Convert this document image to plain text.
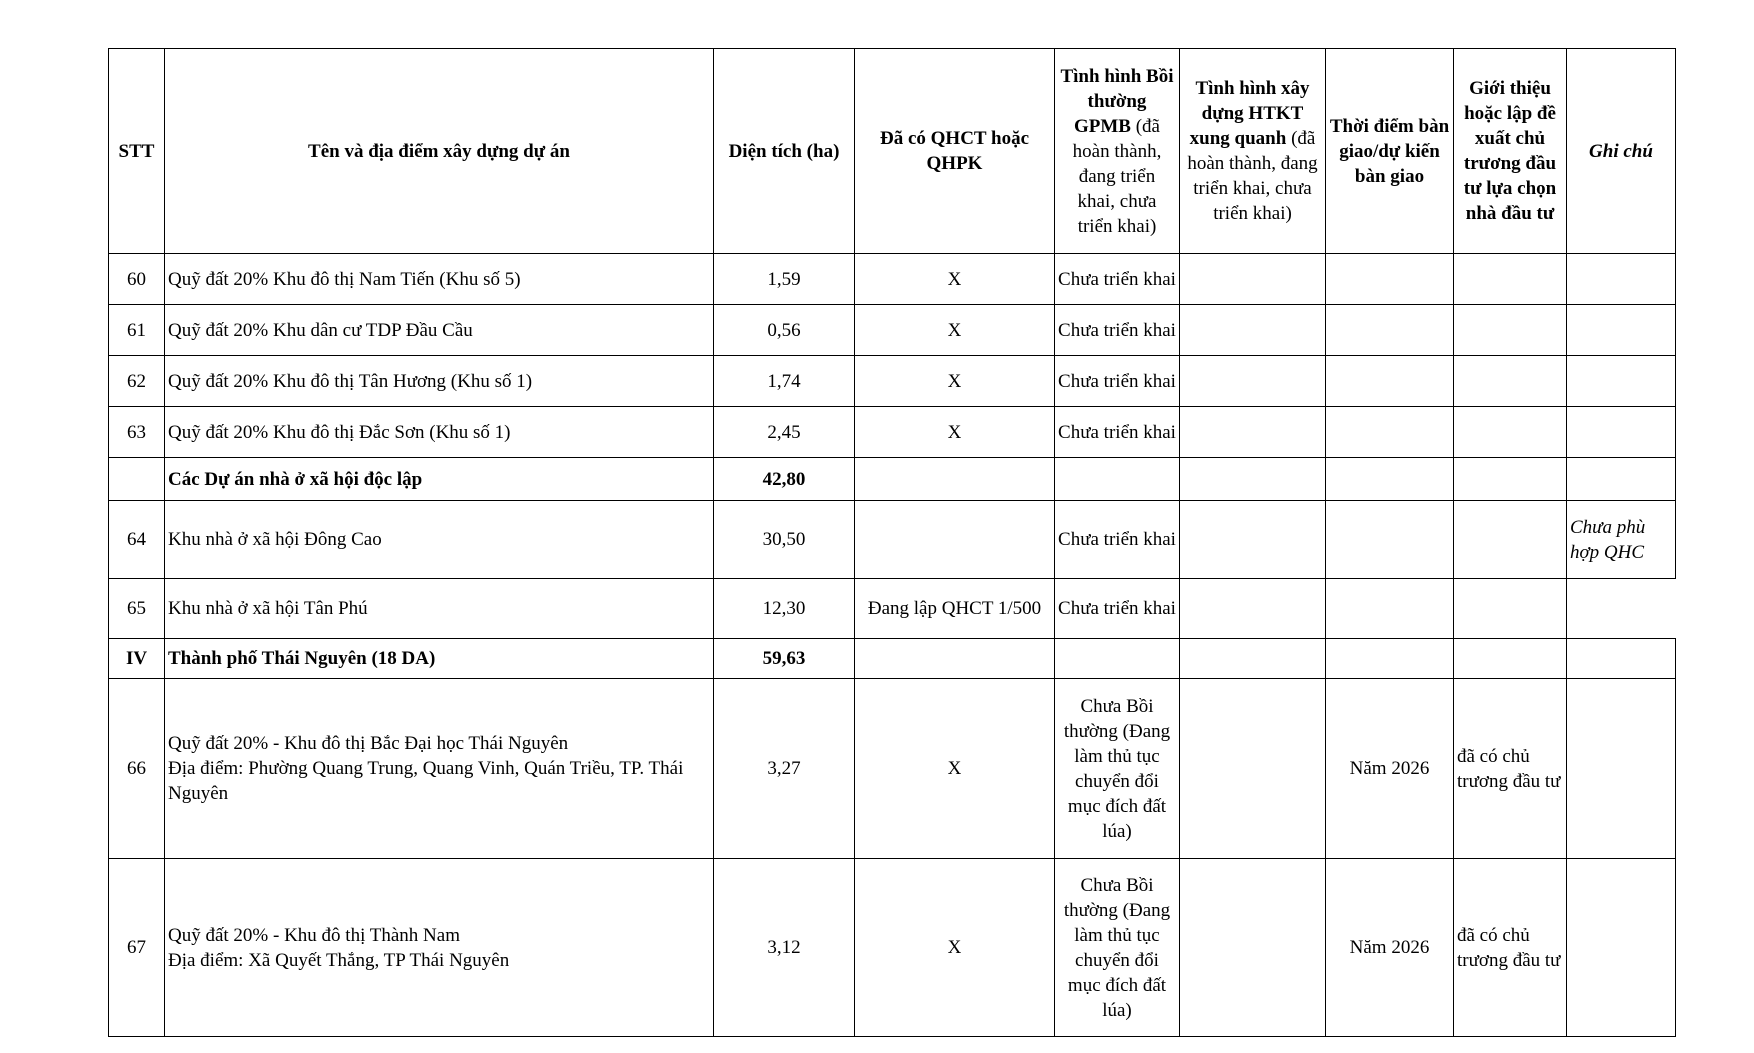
STT	Tên và địa điểm xây dựng dự án	Diện tích (ha)	Đã có QHCT hoặc QHPK	Tình hình Bồi thường GPMB (đã hoàn thành, đang triển khai, chưa triển khai)	Tình hình xây dựng HTKT xung quanh (đã hoàn thành, đang triển khai, chưa triển khai)	Thời điểm bàn giao/dự kiến bàn giao	Giới thiệu hoặc lập đề xuất chủ trương đầu tư lựa chọn nhà đầu tư	Ghi chú
60	Quỹ đất 20% Khu đô thị Nam Tiến (Khu số 5)	1,59	X	Chưa triển khai				
61	Quỹ đất 20% Khu dân cư TDP Đầu Cầu	0,56	X	Chưa triển khai				
62	Quỹ đất 20% Khu đô thị Tân Hương (Khu số 1)	1,74	X	Chưa triển khai				
63	Quỹ đất 20% Khu đô thị Đắc Sơn (Khu số 1)	2,45	X	Chưa triển khai				
	Các Dự án nhà ở xã hội độc lập	42,80						
64	Khu nhà ở xã hội Đông Cao	30,50		Chưa triển khai				Chưa phù hợp QHC
65	Khu nhà ở xã hội Tân Phú	12,30	Đang lập QHCT 1/500	Chưa triển khai				
IV	Thành phố Thái Nguyên (18 DA)	59,63						
66	Quỹ đất 20% - Khu đô thị Bắc Đại học Thái Nguyên
Địa điểm: Phường Quang Trung, Quang Vinh, Quán Triều, TP. Thái Nguyên	3,27	X	Chưa Bồi thường (Đang làm thủ tục chuyển đổi mục đích đất lúa)		Năm 2026	đã có chủ trương đầu tư	
67	Quỹ đất 20% - Khu đô thị Thành Nam
Địa điểm: Xã Quyết Thắng, TP Thái Nguyên	3,12	X	Chưa Bồi thường (Đang làm thủ tục chuyển đổi mục đích đất lúa)		Năm 2026	đã có chủ trương đầu tư	
